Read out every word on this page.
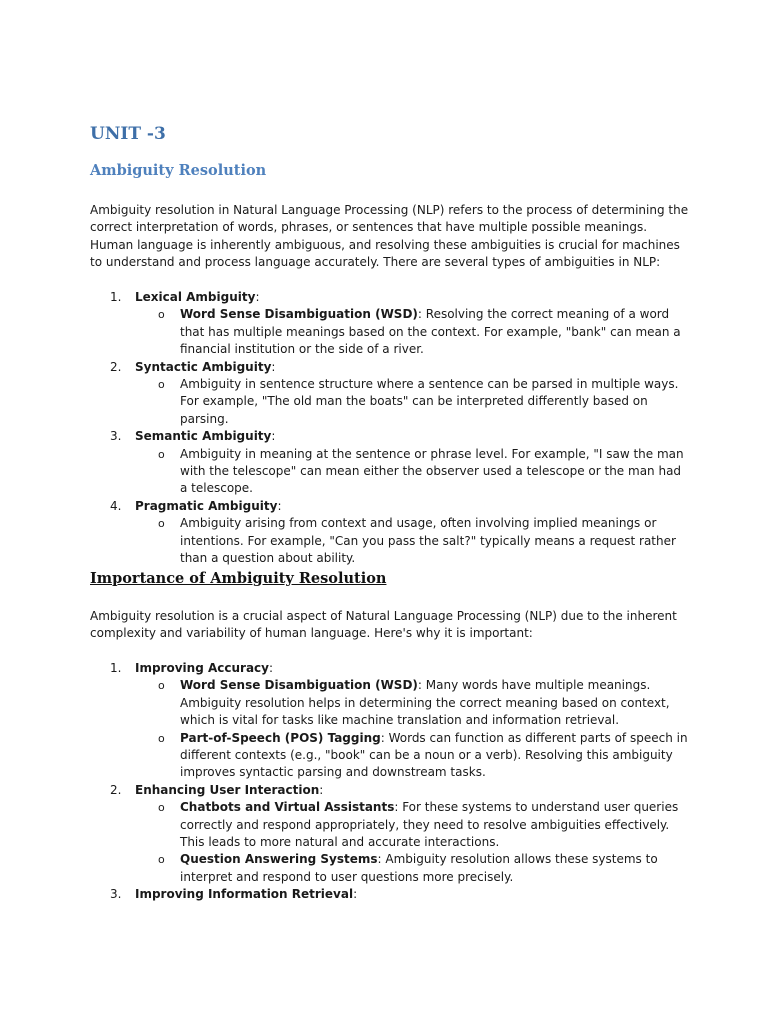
UNIT -3
Ambiguity Resolution

Ambiguity resolution in Natural Language Processing (NLP) refers to the process of determining the correct interpretation of words, phrases, or sentences that have multiple possible meanings. Human language is inherently ambiguous, and resolving these ambiguities is crucial for machines to understand and process language accurately. There are several types of ambiguities in NLP:

1.	Lexical Ambiguity:
o Word Sense Disambiguation (WSD): Resolving the correct meaning of a word that has multiple meanings based on the context. For example, "bank" can mean a financial institution or the side of a river.
2.	Syntactic Ambiguity:
o Ambiguity in sentence structure where a sentence can be parsed in multiple ways. For example, "The old man the boats" can be interpreted differently based on parsing.
3.	Semantic Ambiguity:
o Ambiguity in meaning at the sentence or phrase level. For example, "I saw the man with the telescope" can mean either the observer used a telescope or the man had a telescope.
4.	Pragmatic Ambiguity:
o Ambiguity arising from context and usage, often involving implied meanings or intentions. For example, "Can you pass the salt?" typically means a request rather than a question about ability.
Importance of Ambiguity Resolution

Ambiguity resolution is a crucial aspect of Natural Language Processing (NLP) due to the inherent complexity and variability of human language. Here's why it is important:

1.	Improving Accuracy:
o Word Sense Disambiguation (WSD): Many words have multiple meanings. Ambiguity resolution helps in determining the correct meaning based on context, which is vital for tasks like machine translation and information retrieval.
o Part-of-Speech (POS) Tagging: Words can function as different parts of speech in different contexts (e.g., "book" can be a noun or a verb). Resolving this ambiguity improves syntactic parsing and downstream tasks.
2.	Enhancing User Interaction:
o Chatbots and Virtual Assistants: For these systems to understand user queries correctly and respond appropriately, they need to resolve ambiguities effectively. This leads to more natural and accurate interactions.
o Question Answering Systems: Ambiguity resolution allows these systems to interpret and respond to user questions more precisely.
3.	Improving Information Retrieval:
